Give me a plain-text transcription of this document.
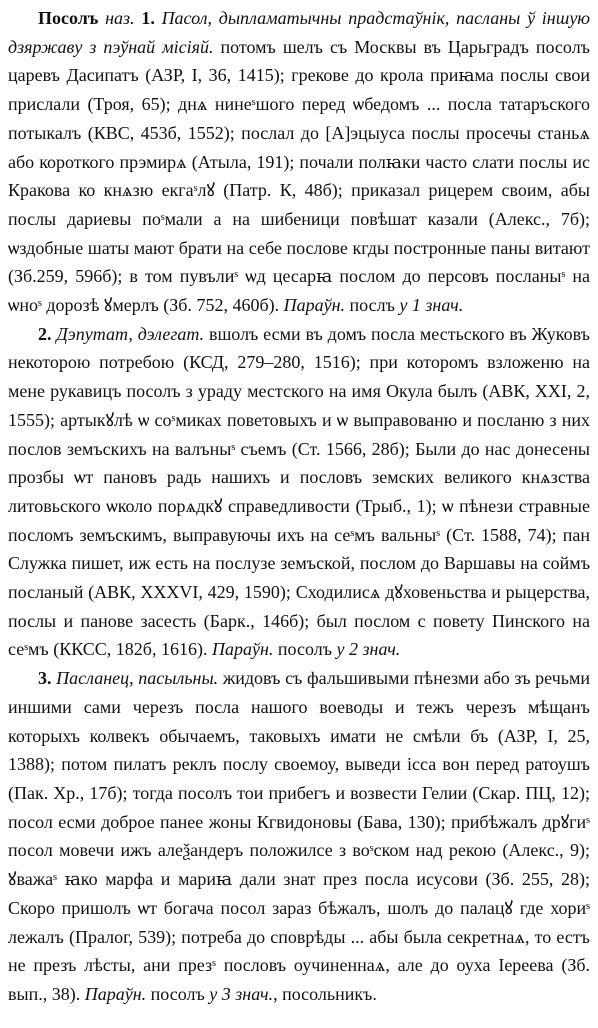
Посолъ наз. 1. Пасол, дыпламатычны прадстаўнік, пасланы ў іншую дзяржаву з пэўнай місіяй. потомъ шелъ съ Москвы въ Царьградъ посолъ царевъ Дасипатъ (АЗР, I, 36, 1415); грекове до крола приꙗма послы свои прислали (Троя, 65); днѧ нинеˢшого перед ѡбедомъ ... посла татаръского потыкалъ (КВС, 453б, 1552); послал до [А]эцыуса послы просечы станьѧ або короткого прэмирѧ (Атыла, 191); почали полꙗки часто слати послы ис Кракова ко кнѧзю екгаˢлꙋ (Патр. К, 48б); приказал рицерем своим, абы послы дариевы поˢмали а на шибеници повѣшат казали (Алекс., 7б); ѡздобные шаты мают брати на себе послове кгды постронные паны витают (Зб.259, 596б); в том пувълиˢ ѡд цесарꙗ послом до персовъ посланыˢ на ѡноˢ дорозѣ ꙋмерлъ (Зб. 752, 460б). Параўн. послъ у 1 знач.

2. Дэпутат, дэлегат. вшолъ есми въ домъ посла местьского въ Жуковъ некоторою потребою (КСД, 279–280, 1516); при которомъ взложеню на мене рукавицъ посолъ з ураду местского на имя Окула былъ (АВК, XXI, 2, 1555); артыкꙋлѣ ѡ соˢмиках поветовыхъ и ѡ выправованю и посланю з них послов земъскихъ на валъныˢ съемъ (Ст. 1566, 28б); Были до нас донесены прозбы ѡт пановъ радь нашихъ и пословъ земских великого кнѧзства литовьского ѡколо порѧдкꙋ справедливости (Трыб., 1); ѡ пѣнези стравные посломъ земъскимъ, выправуючы ихъ на сеˢмъ вальныˢ (Ст. 1588, 74); пан Служка пишет, иж есть на послузе земъской, послом до Варшавы на соймъ посланый (АВК, XXXVI, 429, 1590); Сходилисѧ дꙋховеньства и рыцерства, послы и панове засесть (Барк., 146б); был послом с повету Пинского на сеˢмъ (ККСС, 182б, 1616). Параўн. посолъ у 2 знач.

3. Пасланец, пасыльны. жидовъ съ фальшивыми пѣнезми або зъ речьми иншими сами черезъ посла нашого воеводы и тежъ черезъ мѣщанъ которыхъ колвекъ обычаемъ, таковыхъ имати не смѣли бъ (АЗР, I, 25, 1388); потом пилатъ реклъ послу своемоу, выведи ісса вон перед ратоушъ (Пак. Хр., 17б); тогда посолъ тои прибегъ и возвести Гелии (Скар. ПЦ, 12); посол есми доброе панее жоны Кгвидоновы (Бава, 130); прибѣжалъ дрꙋгиˢ посол мовечи ижъ алеѯандеръ положилсе з воˢском над рекою (Алекс., 9); ꙋважаˢ ꙗко марфа и мариꙗ дали знат през посла исусови (Зб. 255, 28); Скоро пришолъ ѡт богача посол зараз бѣжалъ, шолъ до палацꙋ где хориˢ лежалъ (Пралог, 539); потреба до споврѣды ... абы была секретнаѧ, то естъ не презъ лѣсты, ани презˢ пословъ оучиненнаѧ, але до оуха Іереева (Зб. вып., 38). Параўн. посолъ у 3 знач., посольникъ.
